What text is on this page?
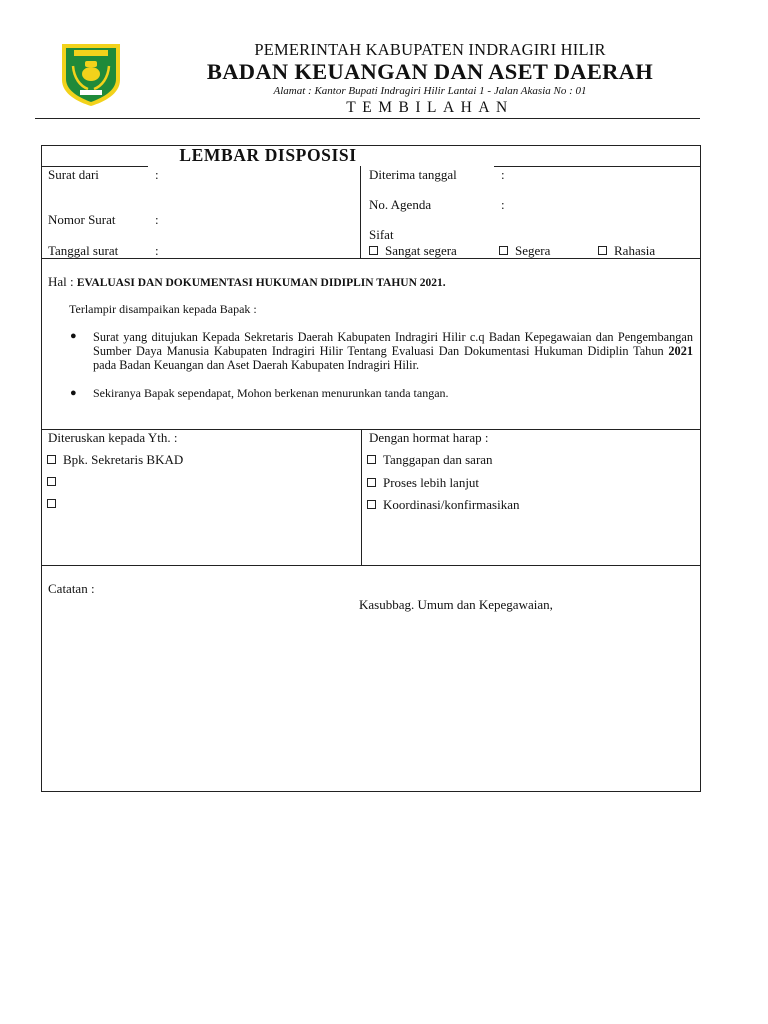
PEMERINTAH KABUPATEN INDRAGIRI HILIR
BADAN KEUANGAN DAN ASET DAERAH
Alamat : Kantor Bupati Indragiri Hilir Lantai 1 - Jalan Akasia No : 01
TEMBILAHAN
LEMBAR DISPOSISI
Surat dari	:
Nomor Surat	:
Tanggal surat	:
Diterima tanggal	:
No. Agenda	:
Sifat
Sangat segera	Segera	Rahasia
Hal : EVALUASI DAN DOKUMENTASI HUKUMAN DIDIPLIN TAHUN 2021.
Terlampir disampaikan kepada Bapak :
● Surat yang ditujukan Kepada Sekretaris Daerah Kabupaten Indragiri Hilir c.q Badan Kepegawaian dan Pengembangan Sumber Daya Manusia Kabupaten Indragiri Hilir Tentang Evaluasi Dan Dokumentasi Hukuman Didiplin Tahun 2021 pada Badan Keuangan dan Aset Daerah Kabupaten Indragiri Hilir.
● Sekiranya Bapak sependapat, Mohon berkenan menurunkan tanda tangan.
Diteruskan kepada Yth. :
Bpk. Sekretaris BKAD
Dengan hormat harap :
Tanggapan dan saran
Proses lebih lanjut
Koordinasi/konfirmasikan
Catatan :
Kasubbag. Umum dan Kepegawaian,
